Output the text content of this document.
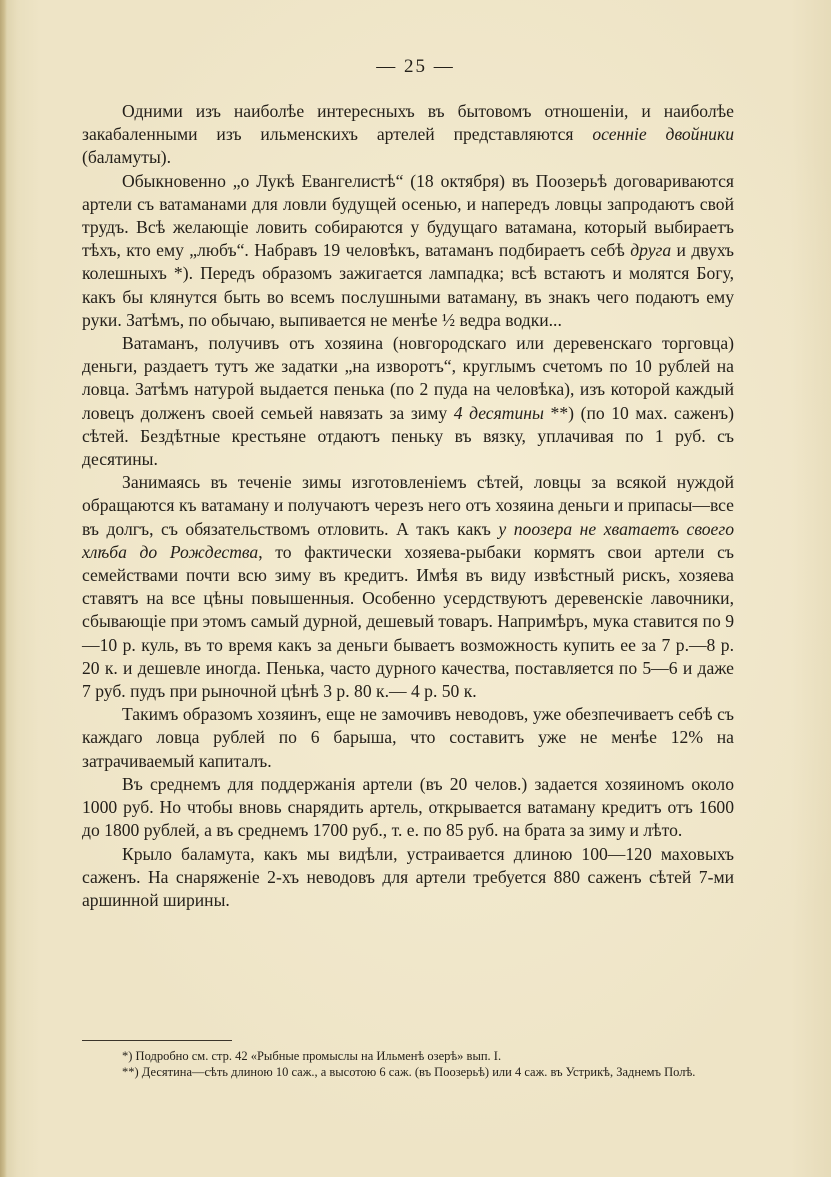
— 25 —

Одними изъ наиболѣе интересныхъ въ бытовомъ отношеніи, и наиболѣе закабаленными изъ ильменскихъ артелей представляются осенніе двойники (баламуты).

Обыкновенно „о Лукѣ Евангелистѣ“ (18 октября) въ Поозерьѣ договариваются артели съ ватаманами для ловли будущей осенью, и напередъ ловцы запродаютъ свой трудъ. Всѣ желающіе ловить собираются у будущаго ватамана, который выбираетъ тѣхъ, кто ему „любъ“. Набравъ 19 человѣкъ, ватаманъ подбираетъ себѣ друга и двухъ колешныхъ *). Передъ образомъ зажигается лампадка; всѣ встаютъ и молятся Богу, какъ бы клянутся быть во всемъ послушными ватаману, въ знакъ чего подаютъ ему руки. Затѣмъ, по обычаю, выпивается не менѣе ½ ведра водки...

Ватаманъ, получивъ отъ хозяина (новгородскаго или деревенскаго торговца) деньги, раздаетъ тутъ же задатки „на изворотъ“, круглымъ счетомъ по 10 рублей на ловца. Затѣмъ натурой выдается пенька (по 2 пуда на человѣка), изъ которой каждый ловецъ долженъ своей семьей навязать за зиму 4 десятины **) (по 10 мах. саженъ) сѣтей. Бездѣтные крестьяне отдаютъ пеньку въ вязку, уплачивая по 1 руб. съ десятины.

Занимаясь въ теченіе зимы изготовленіемъ сѣтей, ловцы за всякой нуждой обращаются къ ватаману и получаютъ черезъ него отъ хозяина деньги и припасы—все въ долгъ, съ обязательствомъ отловить. А такъ какъ у поозера не хватаетъ своего хлѣба до Рождества, то фактически хозяева-рыбаки кормятъ свои артели съ семействами почти всю зиму въ кредитъ. Имѣя въ виду извѣстный рискъ, хозяева ставятъ на все цѣны повышенныя. Особенно усердствуютъ деревенскіе лавочники, сбывающіе при этомъ самый дурной, дешевый товаръ. Напримѣръ, мука ставится по 9—10 р. куль, въ то время какъ за деньги бываетъ возможность купить ее за 7 р.—8 р. 20 к. и дешевле иногда. Пенька, часто дурного качества, поставляется по 5—6 и даже 7 руб. пудъ при рыночной цѣнѣ 3 р. 80 к.— 4 р. 50 к.

Такимъ образомъ хозяинъ, еще не замочивъ неводовъ, уже обезпечиваетъ себѣ съ каждаго ловца рублей по 6 барыша, что составитъ уже не менѣе 12% на затрачиваемый капиталъ.

Въ среднемъ для поддержанія артели (въ 20 челов.) задается хозяиномъ около 1000 руб. Но чтобы вновь снарядить артель, открывается ватаману кредитъ отъ 1600 до 1800 рублей, а въ среднемъ 1700 руб., т. е. по 85 руб. на брата за зиму и лѣто.

Крыло баламута, какъ мы видѣли, устраивается длиною 100—120 маховыхъ саженъ. На снаряженіе 2-хъ неводовъ для артели требуется 880 саженъ сѣтей 7-ми аршинной ширины.

*) Подробно см. стр. 42 «Рыбные промыслы на Ильменѣ озерѣ» вып. I.

**) Десятина—сѣть длиною 10 саж., а высотою 6 саж. (въ Поозерьѣ) или 4 саж. въ Устрикѣ, Заднемъ Полѣ.
